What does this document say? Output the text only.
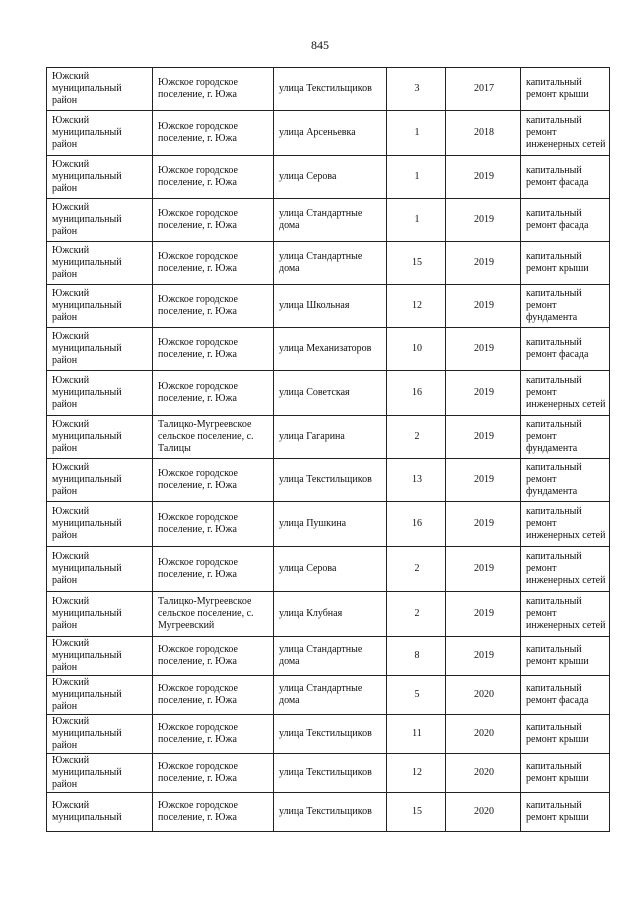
845
Южский муниципальный район	Южское городское поселение, г. Южа	улица Текстильщиков	3	2017	капитальный ремонт крыши
Южский муниципальный район	Южское городское поселение, г. Южа	улица Арсеньевка	1	2018	капитальный ремонт инженерных сетей
Южский муниципальный район	Южское городское поселение, г. Южа	улица Серова	1	2019	капитальный ремонт фасада
Южский муниципальный район	Южское городское поселение, г. Южа	улица Стандартные дома	1	2019	капитальный ремонт фасада
Южский муниципальный район	Южское городское поселение, г. Южа	улица Стандартные дома	15	2019	капитальный ремонт крыши
Южский муниципальный район	Южское городское поселение, г. Южа	улица Школьная	12	2019	капитальный ремонт фундамента
Южский муниципальный район	Южское городское поселение, г. Южа	улица Механизаторов	10	2019	капитальный ремонт фасада
Южский муниципальный район	Южское городское поселение, г. Южа	улица Советская	16	2019	капитальный ремонт инженерных сетей
Южский муниципальный район	Талицко-Мугреевское сельское поселение, с. Талицы	улица Гагарина	2	2019	капитальный ремонт фундамента
Южский муниципальный район	Южское городское поселение, г. Южа	улица Текстильщиков	13	2019	капитальный ремонт фундамента
Южский муниципальный район	Южское городское поселение, г. Южа	улица Пушкина	16	2019	капитальный ремонт инженерных сетей
Южский муниципальный район	Южское городское поселение, г. Южа	улица Серова	2	2019	капитальный ремонт инженерных сетей
Южский муниципальный район	Талицко-Мугреевское сельское поселение, с. Мугреевский	улица Клубная	2	2019	капитальный ремонт инженерных сетей
Южский муниципальный район	Южское городское поселение, г. Южа	улица Стандартные дома	8	2019	капитальный ремонт крыши
Южский муниципальный район	Южское городское поселение, г. Южа	улица Стандартные дома	5	2020	капитальный ремонт фасада
Южский муниципальный район	Южское городское поселение, г. Южа	улица Текстильщиков	11	2020	капитальный ремонт крыши
Южский муниципальный район	Южское городское поселение, г. Южа	улица Текстильщиков	12	2020	капитальный ремонт крыши
Южский муниципальный	Южское городское поселение, г. Южа	улица Текстильщиков	15	2020	капитальный ремонт крыши
